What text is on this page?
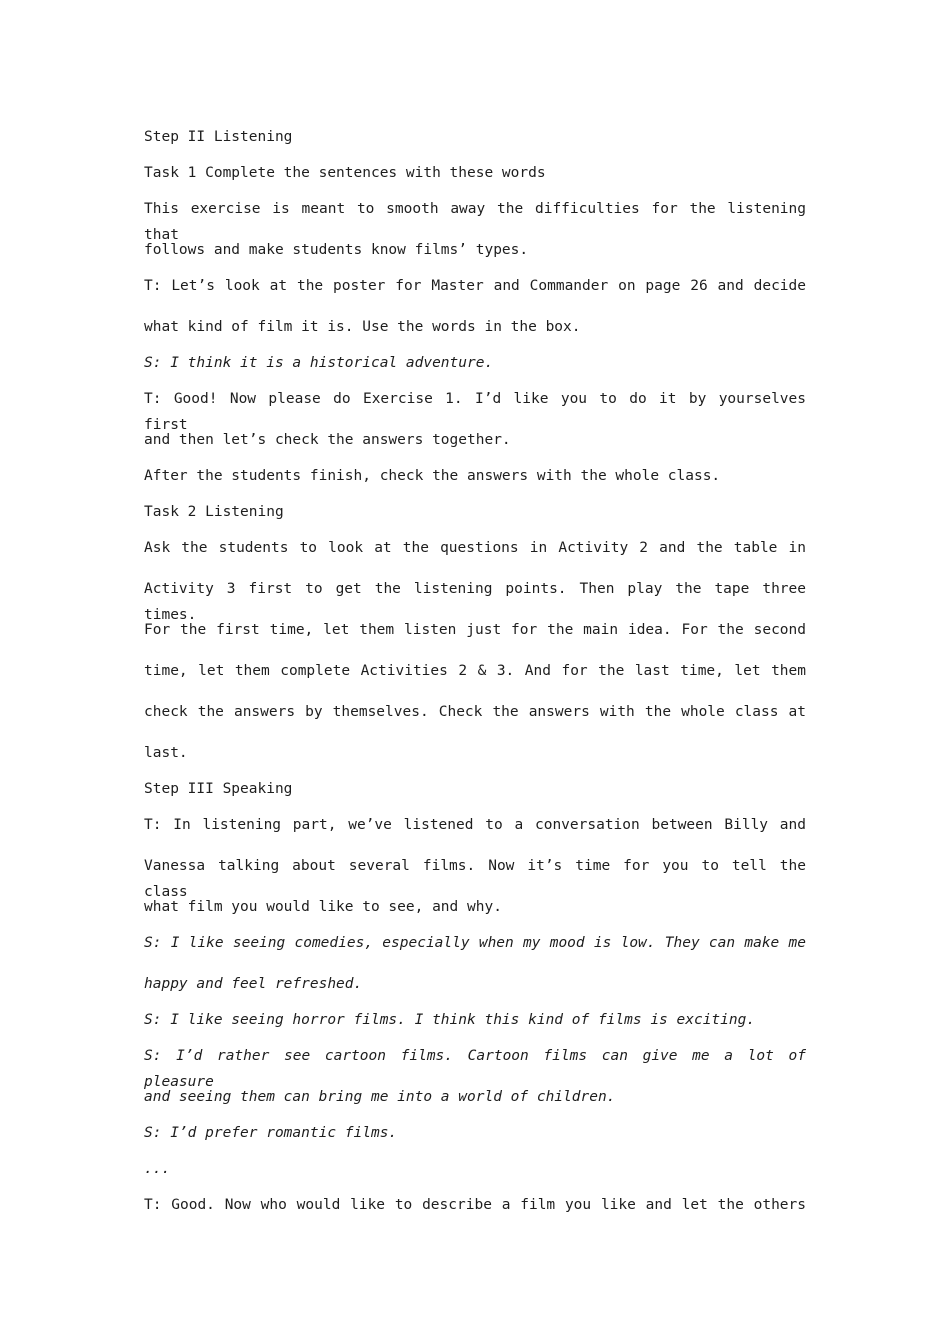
Step II Listening
Task 1 Complete the sentences with these words
This exercise is meant to smooth away the difficulties for the listening that
follows and make students know films’ types.
T: Let’s look at the poster for Master and Commander on page 26 and decide
what kind of film it is. Use the words in the box.
S: I think it is a historical adventure.
T: Good! Now please do Exercise 1. I’d like you to do it by yourselves first
and then let’s check the answers together.
After the students finish, check the answers with the whole class.
Task 2 Listening
Ask the students to look at the questions in Activity 2 and the table in
Activity 3 first to get the listening points. Then play the tape three times.
For the first time, let them listen just for the main idea. For the second
time, let them complete Activities 2 & 3. And for the last time, let them
check the answers by themselves. Check the answers with the whole class at
last.
Step III Speaking
T: In listening part, we’ve listened to a conversation between Billy and
Vanessa talking about several films. Now it’s time for you to tell the class
what film you would like to see, and why.
S: I like seeing comedies, especially when my mood is low. They can make me
happy and feel refreshed.
S: I like seeing horror films. I think this kind of films is exciting.
S: I’d rather see cartoon films. Cartoon films can give me a lot of pleasure
and seeing them can bring me into a world of children.
S: I’d prefer romantic films.
...
T: Good. Now who would like to describe a film you like and let the others
